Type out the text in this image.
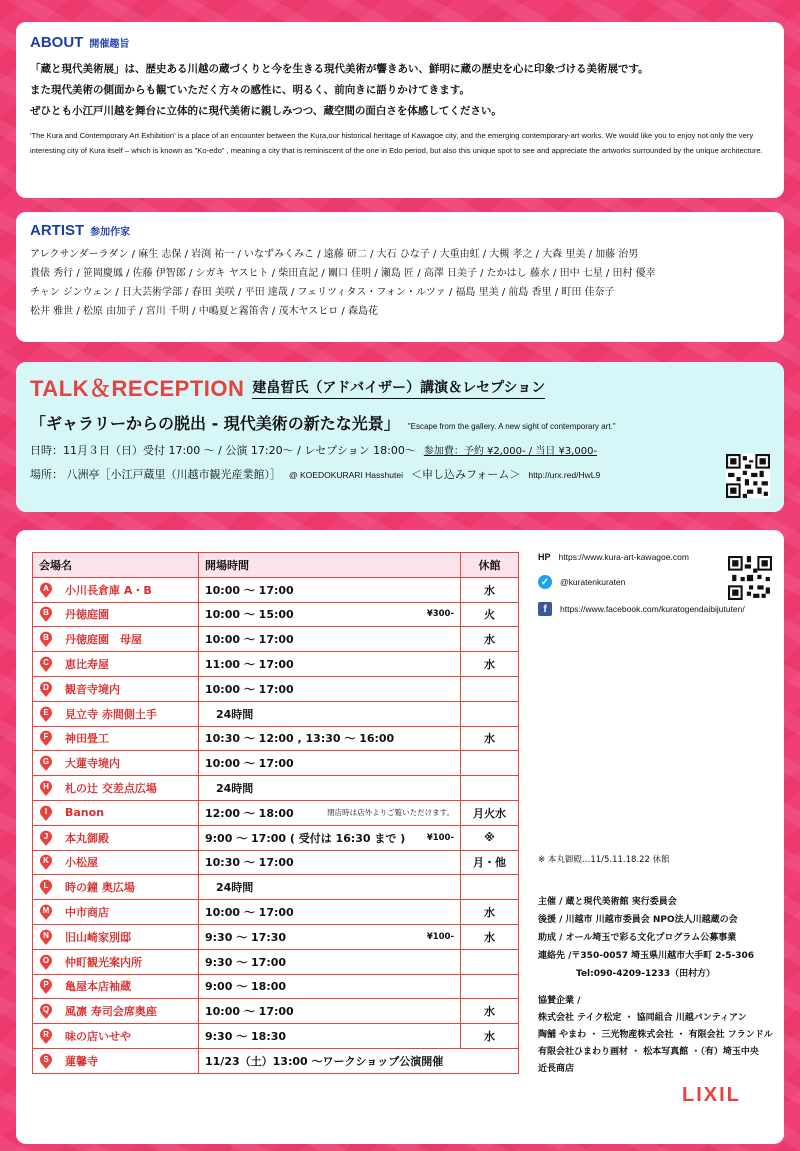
ABOUT 開催趣旨
「蔵と現代美術展」は、歴史ある川越の蔵づくりと今を生きる現代美術が響きあい、鮮明に蔵の歴史を心に印象づける美術展です。
また現代美術の側面からも観ていただく方々の感性に、明るく、前向きに語りかけてきます。
ぜひとも小江戸川越を舞台に立体的に現代美術に親しみつつ、蔵空間の面白さを体感してください。
'The Kura and Contemporary Art Exhibition' is a place of an encounter between the Kura,our historical heritage of Kawagoe city, and the emerging contemporary-art works. We would like you to enjoy not only the very interesting city of Kura itself – which is known as "Ko-edo" , meaning a city that is reminiscent of the one in Edo period, but also this unique spot to see and appreciate the artworks surrounded by the unique architecture.
ARTIST 参加作家
アレクサンダーラダン / 麻生 志保 / 岩渕 祐一 / いなずみくみこ / 遠藤 研二 / 大石 ひな子 / 大重由虹 / 大槻 孝之 / 大森 里美 / 加藤 治男
貴俵 秀行 / 笹岡慶鳳 / 佐藤 伊智郎 / シガキ ヤスヒト / 柴田直記 / 關口 佳明 / 瀬島 匠 / 高澤 日美子 / たかはし 藤水 / 田中 七星 / 田村 優幸
チャン ジンウェン / 日大芸術学部 / 春田 美咲 / 平田 達哉 / フェリツィタス・フォン・ルツァ / 福島 里美 / 前島 香里 / 町田 佳奈子
松井 雅世 / 松原 由加子 / 宮川 千明 / 中嶋夏と霧笛舎 / 茂木ヤスヒロ / 森島花
TALK＆RECEPTION 建畠晢氏（アドバイザー）講演＆レセプション
「ギャラリーからの脱出 - 現代美術の新たな光景」 "Escape from the gallery. A new sight of contemporary art."
日時：11月３日（日）受付 17:00 〜 / 公演 17:20〜 / レセプション 18:00〜 参加費：予約 ¥2,000- / 当日 ¥3,000-
場所： 八洲亭［小江戸蔵里（川越市観光産業館）］ @ KOEDOKURARI Hasshutei ＜申し込みフォーム＞ http://urx.red/HwL9
会場名	開場時間	休館

A 小川長倉庫 A・B	10:00 〜 17:00	水

B 丹徳庭園	10:00 〜 15:00 ¥300-	火

B 丹徳庭園　母屋	10:00 〜 17:00	水

C 恵比寿屋	11:00 〜 17:00	水

D 観音寺境内	10:00 〜 17:00	

E 見立寺 赤間側土手	　24時間	

F 神田畳工	10:30 〜 12:00 , 13:30 〜 16:00	水

G 大蓮寺境内	10:00 〜 17:00	

H 札の辻 交差点広場	　24時間	

I Banon	12:00 〜 18:00 閉店時は店外よりご覧いただけます。	月火水

J 本丸御殿	9:00 〜 17:00 ( 受付は 16:30 まで ) ¥100-	※

K 小松屋	10:30 〜 17:00	月・他

L 時の鐘 奥広場	　24時間	

M 中市商店	10:00 〜 17:00	水

N 旧山崎家別邸	9:30 〜 17:30 ¥100-	水

O 仲町観光案内所	9:30 〜 17:00	

P 亀屋本店袖蔵	9:00 〜 18:00	

Q 風凛 寿司会席奥座	10:00 〜 17:00	水

R 味の店いせや	9:30 〜 18:30	水

S 蓮馨寺	11/23（土）13:00 〜ワークショップ公演開催	
HP https://www.kura-art-kawagoe.com
✓	@kuratenkuraten
f	https://www.facebook.com/kuratogendaibijututen/
※ 本丸御殿…11/5.11.18.22 休館
主催 / 蔵と現代美術館 実行委員会
後援 / 川越市 川越市委員会 NPO法人川越蔵の会
助成 / オール埼玉で彩る文化プログラム公募事業
連絡先 /〒350-0057 埼玉県川越市大手町 2-5-306
Tel:090-4209-1233（田村方）
協賛企業 /
株式会社 テイク松定 ・ 協同組合 川越バンティアン
陶舗 やまわ ・ 三光物産株式会社 ・ 有限会社 フランドル
有限会社ひまわり画材 ・ 松本写真館 ・（有）埼玉中央
近長商店
LIXIL
